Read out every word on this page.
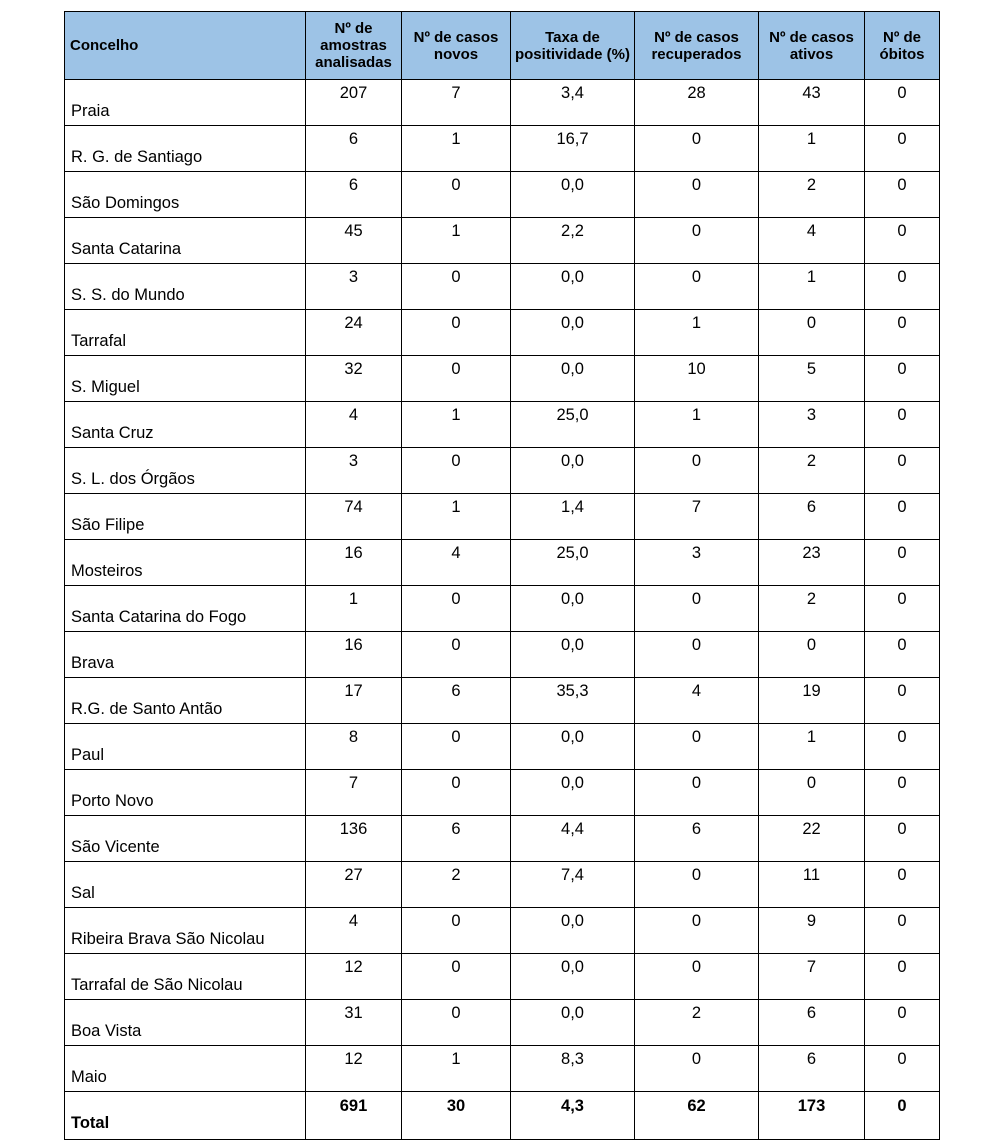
Concelho	Nº de amostras analisadas	Nº de casos novos	Taxa de positividade (%)	Nº de casos recuperados	Nº de casos ativos	Nº de óbitos
Praia	207	7	3,4	28	43	0
R. G. de Santiago	6	1	16,7	0	1	0
São Domingos	6	0	0,0	0	2	0
Santa Catarina	45	1	2,2	0	4	0
S. S. do Mundo	3	0	0,0	0	1	0
Tarrafal	24	0	0,0	1	0	0
S. Miguel	32	0	0,0	10	5	0
Santa Cruz	4	1	25,0	1	3	0
S. L. dos Órgãos	3	0	0,0	0	2	0
São Filipe	74	1	1,4	7	6	0
Mosteiros	16	4	25,0	3	23	0
Santa Catarina do Fogo	1	0	0,0	0	2	0
Brava	16	0	0,0	0	0	0
R.G. de Santo Antão	17	6	35,3	4	19	0
Paul	8	0	0,0	0	1	0
Porto Novo	7	0	0,0	0	0	0
São Vicente	136	6	4,4	6	22	0
Sal	27	2	7,4	0	11	0
Ribeira Brava São Nicolau	4	0	0,0	0	9	0
Tarrafal de São Nicolau	12	0	0,0	0	7	0
Boa Vista	31	0	0,0	2	6	0
Maio	12	1	8,3	0	6	0
Total	691	30	4,3	62	173	0
